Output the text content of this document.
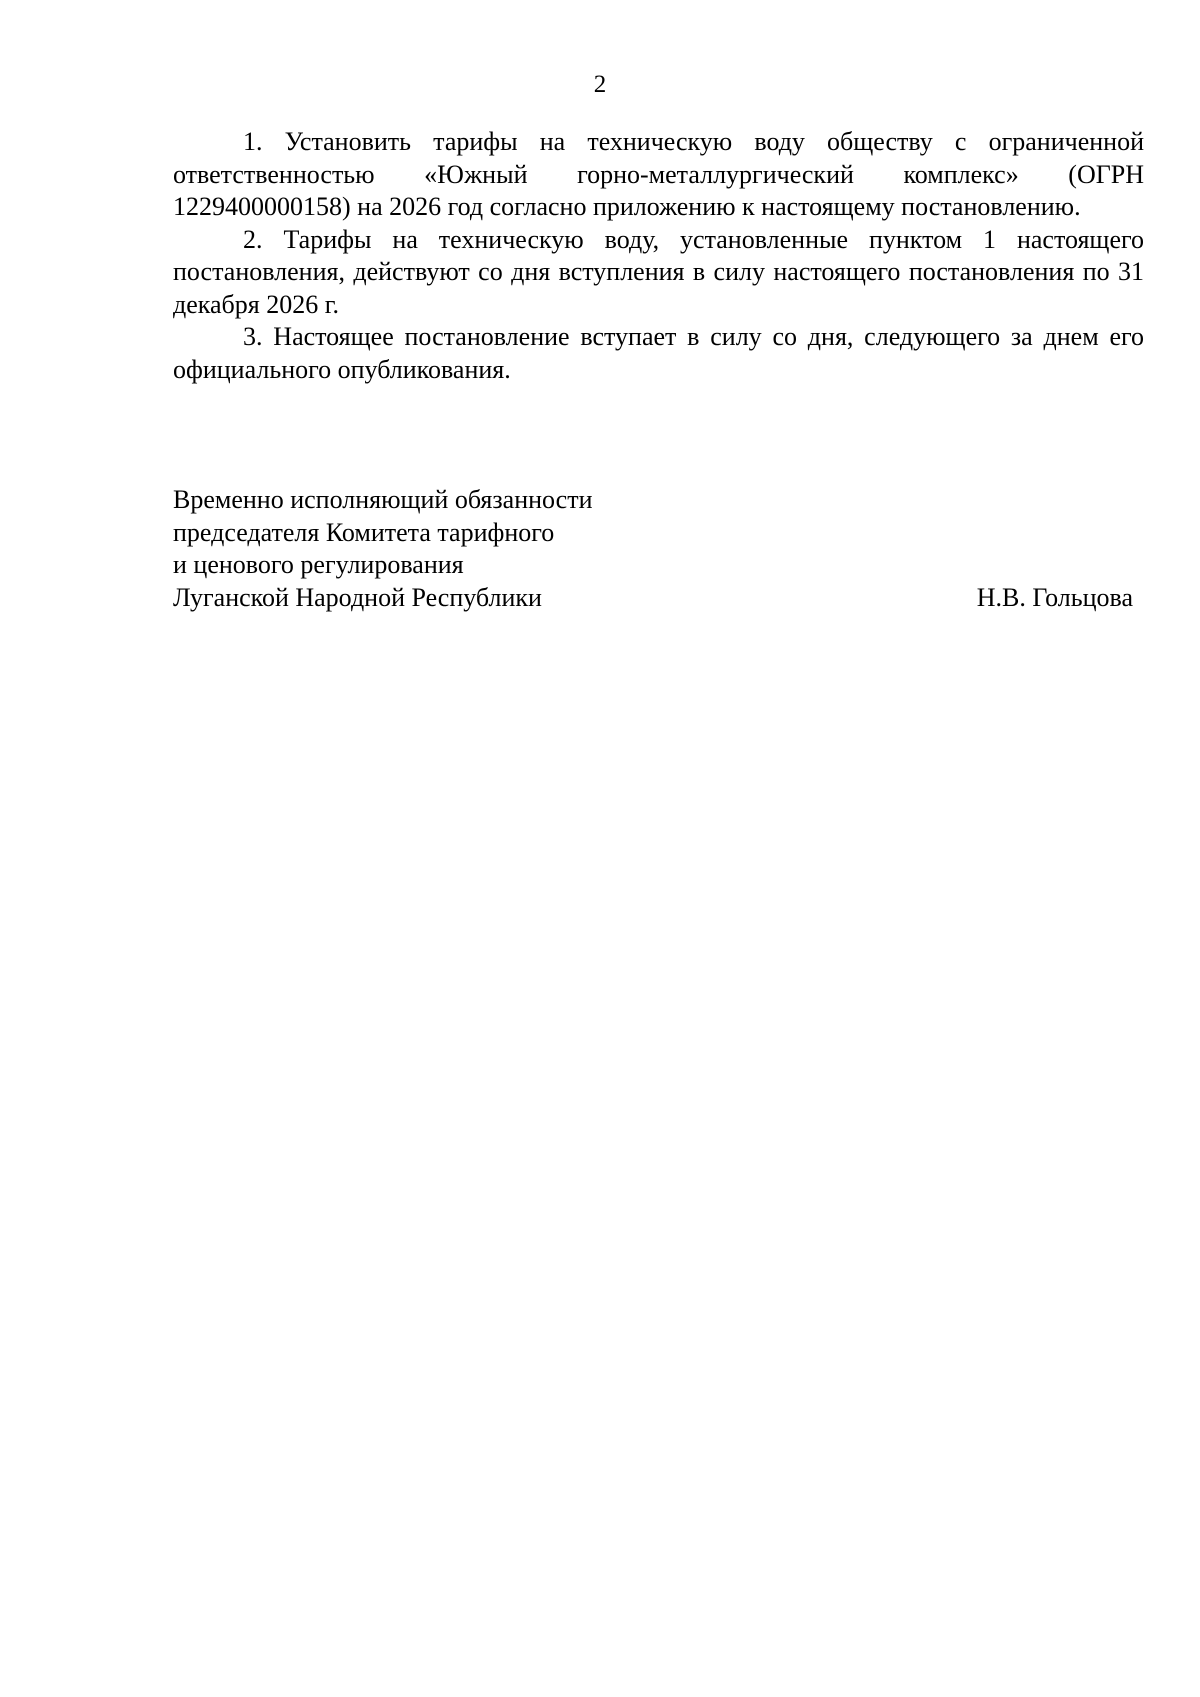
2

1. Установить тарифы на техническую воду обществу с ограниченной ответственностью «Южный горно-металлургический комплекс» (ОГРН 1229400000158) на 2026 год согласно приложению к настоящему постановлению.

2. Тарифы на техническую воду, установленные пунктом 1 настоящего постановления, действуют со дня вступления в силу настоящего постановления по 31 декабря 2026 г.

3. Настоящее постановление вступает в силу со дня, следующего за днем его официального опубликования.

Временно исполняющий обязанности
председателя Комитета тарифного
и ценового регулирования
Луганской Народной Республики	Н.В. Гольцова
